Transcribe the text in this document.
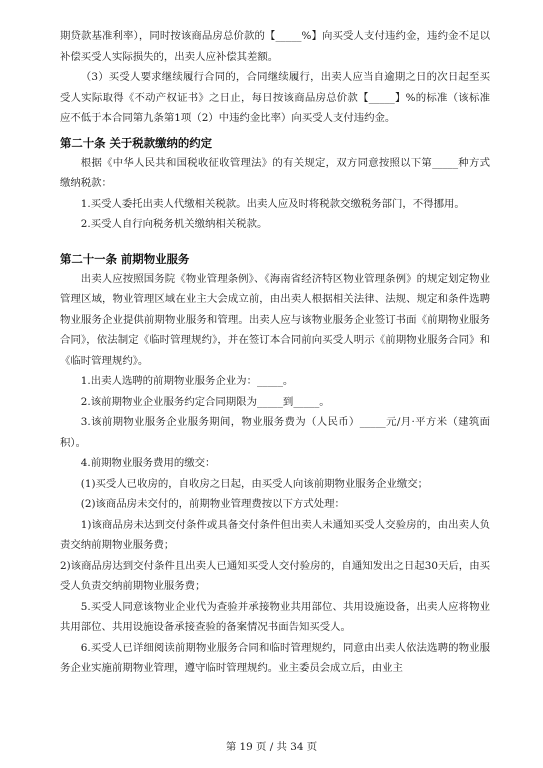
期贷款基准利率），同时按该商品房总价款的【_____%】向买受人支付违约金，违约金不足以补偿买受人实际损失的，出卖人应补偿其差额。

（3）买受人要求继续履行合同的，合同继续履行，出卖人应当自逾期之日的次日起至买受人实际取得《不动产权证书》之日止，每日按该商品房总价款【_____】%的标准（该标准应不低于本合同第九条第1项（2）中违约金比率）向买受人支付违约金。

第二十条 关于税款缴纳的约定

根据《中华人民共和国税收征收管理法》的有关规定，双方同意按照以下第_____种方式缴纳税款：

1.买受人委托出卖人代缴相关税款。出卖人应及时将税款交缴税务部门，不得挪用。

2.买受人自行向税务机关缴纳相关税款。

第二十一条 前期物业服务

出卖人应按照国务院《物业管理条例》、《海南省经济特区物业管理条例》的规定划定物业管理区域，物业管理区域在业主大会成立前，由出卖人根据相关法律、法规、规定和条件选聘物业服务企业提供前期物业服务和管理。出卖人应与该物业服务企业签订书面《前期物业服务合同》，依法制定《临时管理规约》，并在签订本合同前向买受人明示《前期物业服务合同》和《临时管理规约》。

1.出卖人选聘的前期物业服务企业为：_____。

2.该前期物业企业服务约定合同期限为_____到_____。

3.该前期物业服务企业服务期间，物业服务费为（人民币）_____元/月·平方米（建筑面积）。

4.前期物业服务费用的缴交：

(1)买受人已收房的，自收房之日起，由买受人向该前期物业服务企业缴交；

(2)该商品房未交付的，前期物业管理费按以下方式处理：

1)该商品房未达到交付条件或具备交付条件但出卖人未通知买受人交验房的，由出卖人负责交纳前期物业服务费；

2)该商品房达到交付条件且出卖人已通知买受人交付验房的，自通知发出之日起30天后，由买受人负责交纳前期物业服务费；

5.买受人同意该物业企业代为查验并承接物业共用部位、共用设施设备，出卖人应将物业共用部位、共用设施设备承接查验的备案情况书面告知买受人。

6.买受人已详细阅读前期物业服务合同和临时管理规约，同意由出卖人依法选聘的物业服务企业实施前期物业管理，遵守临时管理规约。业主委员会成立后，由业主

第 19 页 / 共 34 页
